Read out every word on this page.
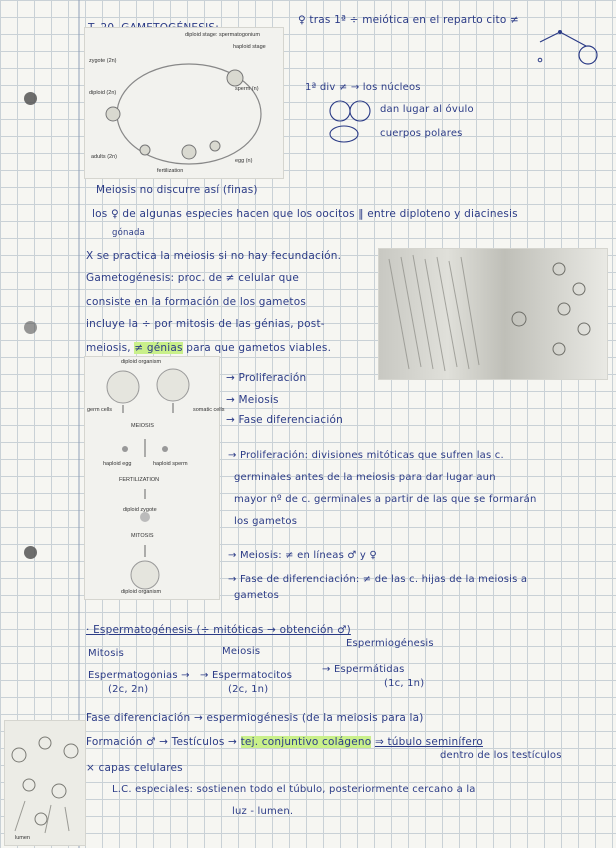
♀ tras 1ª ÷ meiótica en el reparto cito ≠
diploid stage: spermatogonium
haploid stage
zygote (2n)
diploid (2n)
sperm (n)
egg (n)
adults (2n)
fertilization
1ª div ≠ → los núcleos
dan lugar al óvulo
cuerpos polares
Meiosis no discurre así (finas)
los ♀ de algunas especies hacen que los oocitos ‖ entre diploteno y diacinesis
gónada
X se practica la meiosis si no hay fecundación.
Gametogénesis: proc. de ≠ celular que
consiste en la formación de los gametos
incluye la ÷ por mitosis de las génias, post-
meiosis, ≠ génias para que gametos viables.
diploid organism
germ cells	somatic cells
MEIOSIS
haploid egg	haploid sperm
FERTILIZATION
diploid zygote
MITOSIS
diploid organism
→ Proliferación
→ Meiosis
→ Fase diferenciación
→ Proliferación: divisiones mitóticas que sufren las c.
germinales antes de la meiosis para dar lugar aun
mayor nº de c. germinales a partir de las que se formarán
los gametos
→ Meiosis: ≠ en líneas ♂ y ♀
→ Fase de diferenciación: ≠ de las c. hijas de la meiosis a
gametos
· Espermatogénesis (÷ mitóticas → obtención ♂)
Mitosis	Meiosis
Espermiogénesis
Espermatogonias → → Espermatocitos
→ Espermátidas
(2c, 2n)	(2c, 1n)
(1c, 1n)
lumen
Fase diferenciación → espermiogénesis (de la meiosis para la)
Formación ♂ → Testículos → tej. conjuntivo colágeno ⇒ túbulo seminífero
dentro de los testículos
× capas celulares
L.C. especiales: sostienen todo el túbulo, posteriormente cercano a la
luz - lumen.
